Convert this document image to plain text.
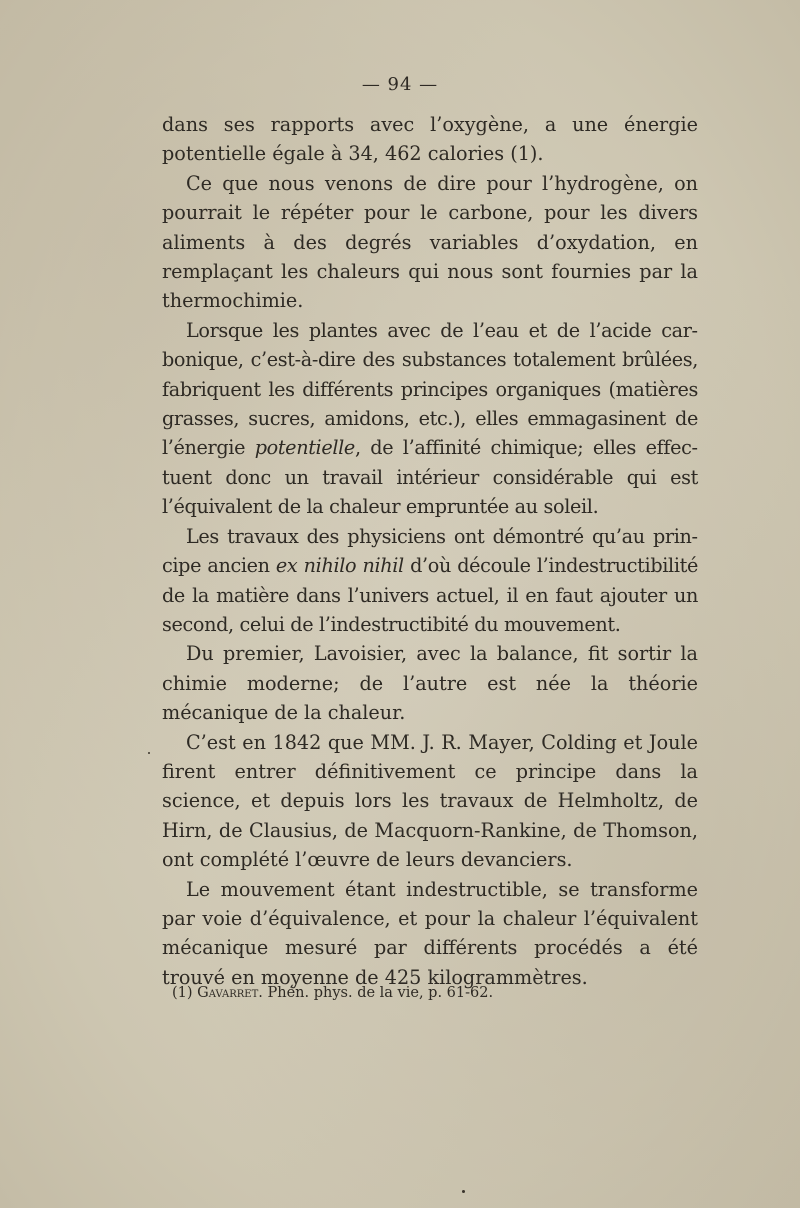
— 94 —

dans ses rapports avec l’oxygène, a une énergie potentielle égale à 34, 462 calories (1).

Ce que nous venons de dire pour l’hydrogène, on pourrait le répéter pour le carbone, pour les divers aliments à des degrés variables d’oxydation, en remplaçant les chaleurs qui nous sont fournies par la thermochimie.

Lorsque les plantes avec de l’eau et de l’acide carbonique, c’est-à-dire des substances totalement brûlées, fabriquent les différents principes organiques (matières grasses, sucres, amidons, etc.), elles emmagasinent de l’énergie potentielle, de l’affinité chimique; elles effectuent donc un travail intérieur considérable qui est l’équivalent de la chaleur empruntée au soleil.

Les travaux des physiciens ont démontré qu’au principe ancien ex nihilo nihil d’où découle l’indestructibilité de la matière dans l’univers actuel, il en faut ajouter un second, celui de l’indestructibité du mouvement.

Du premier, Lavoisier, avec la balance, fit sortir la chimie moderne; de l’autre est née la théorie mécanique de la chaleur.

C’est en 1842 que MM. J. R. Mayer, Colding et Joule firent entrer définitivement ce principe dans la science, et depuis lors les travaux de Helmholtz, de Hirn, de Clausius, de Macquorn-Rankine, de Thomson, ont complété l’œuvre de leurs devanciers.

Le mouvement étant indestructible, se transforme par voie d’équivalence, et pour la chaleur l’équivalent mécanique mesuré par différents procédés a été trouvé en moyenne de 425 kilogrammètres.

(1) Gavarret. Phén. phys. de la vie, p. 61-62.
